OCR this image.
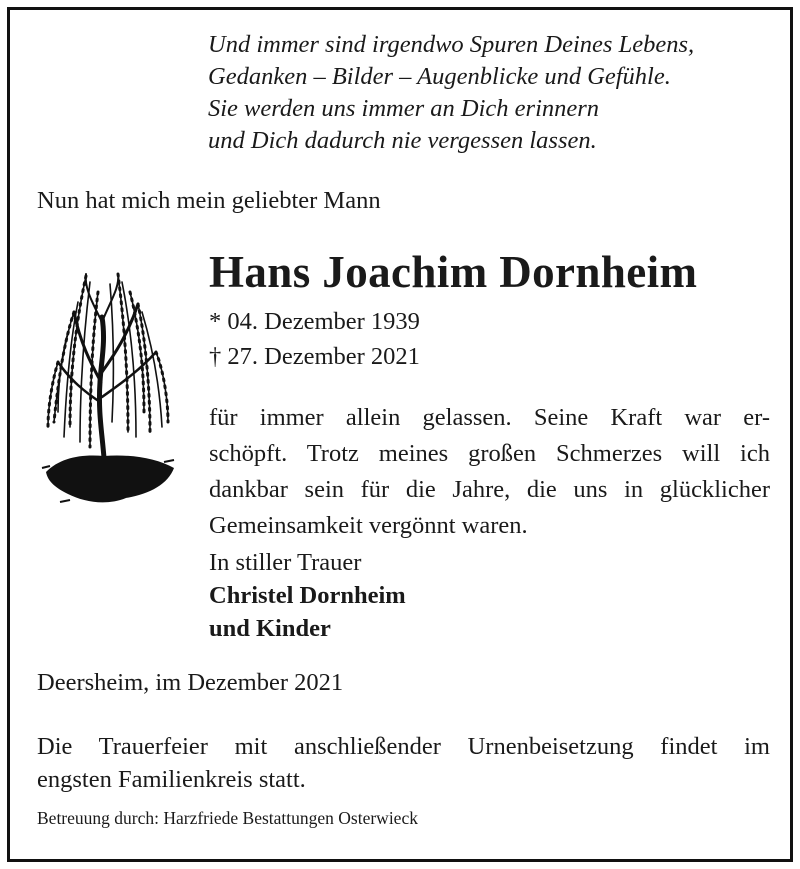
Und immer sind irgendwo Spuren Deines Lebens,
Gedanken – Bilder – Augenblicke und Gefühle.
Sie werden uns immer an Dich erinnern
und Dich dadurch nie vergessen lassen.

Nun hat mich mein geliebter Mann

Hans Joachim Dornheim
* 04. Dezember 1939
† 27. Dezember 2021

für immer allein gelassen. Seine Kraft war er-
schöpft. Trotz meines großen Schmerzes will ich
dankbar sein für die Jahre, die uns in glücklicher
Gemeinsamkeit vergönnt waren.

In stiller Trauer
Christel Dornheim
und Kinder
Deersheim, im Dezember 2021
Die Trauerfeier mit anschließender Urnenbeisetzung findet im
engsten Familienkreis statt.
Betreuung durch: Harzfriede Bestattungen Osterwieck
